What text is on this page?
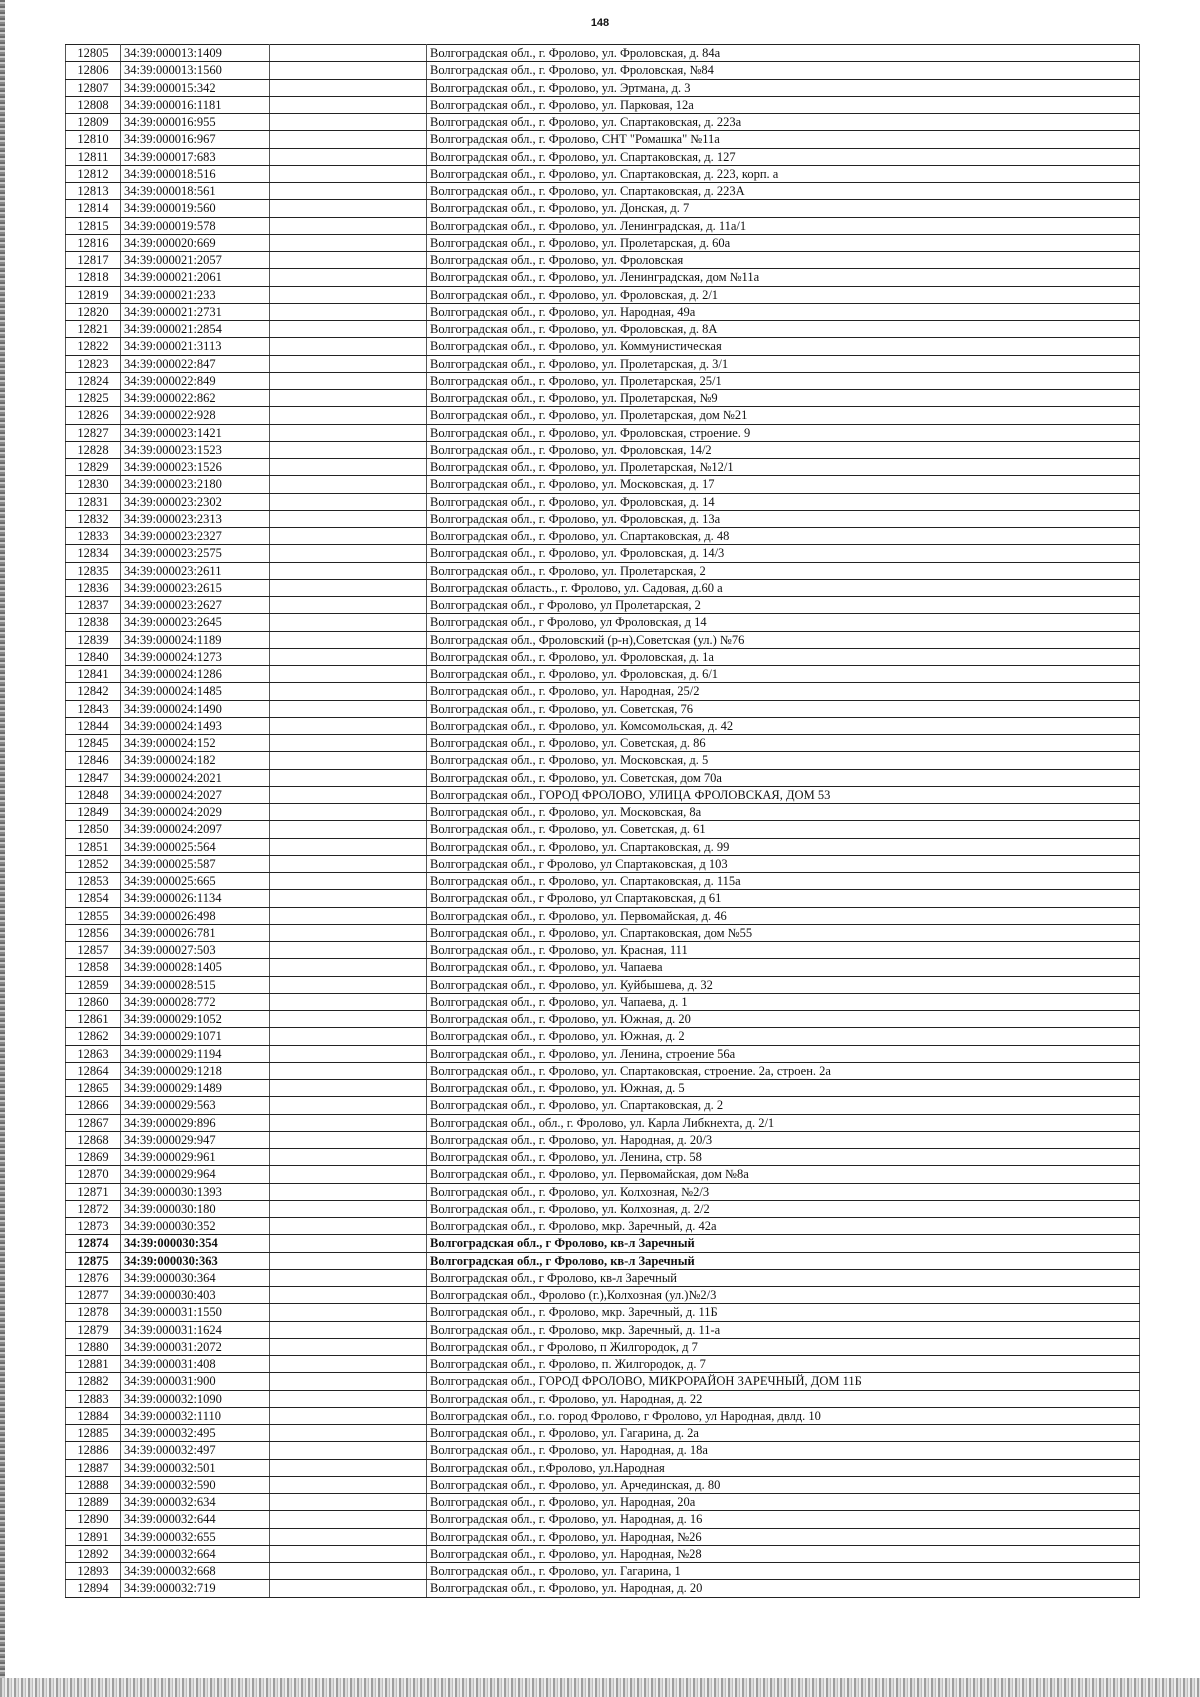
148
12805	34:39:000013:1409		Волгоградская обл., г. Фролово, ул. Фроловская, д. 84а
12806	34:39:000013:1560		Волгоградская обл., г. Фролово, ул. Фроловская, №84
12807	34:39:000015:342		Волгоградская обл., г. Фролово, ул. Эртмана, д. 3
12808	34:39:000016:1181		Волгоградская обл., г. Фролово, ул. Парковая, 12а
12809	34:39:000016:955		Волгоградская обл., г. Фролово, ул. Спартаковская, д. 223а
12810	34:39:000016:967		Волгоградская обл., г. Фролово, СНТ "Ромашка" №11а
12811	34:39:000017:683		Волгоградская обл., г. Фролово, ул. Спартаковская, д. 127
12812	34:39:000018:516		Волгоградская обл., г. Фролово, ул. Спартаковская, д. 223, корп. а
12813	34:39:000018:561		Волгоградская обл., г. Фролово, ул. Спартаковская, д. 223А
12814	34:39:000019:560		Волгоградская обл., г. Фролово, ул. Донская, д. 7
12815	34:39:000019:578		Волгоградская обл., г. Фролово, ул. Ленинградская, д. 11а/1
12816	34:39:000020:669		Волгоградская обл., г. Фролово, ул. Пролетарская, д. 60а
12817	34:39:000021:2057		Волгоградская обл., г. Фролово, ул. Фроловская
12818	34:39:000021:2061		Волгоградская обл., г. Фролово, ул. Ленинградская, дом №11а
12819	34:39:000021:233		Волгоградская обл., г. Фролово, ул. Фроловская, д. 2/1
12820	34:39:000021:2731		Волгоградская обл., г. Фролово, ул. Народная, 49а
12821	34:39:000021:2854		Волгоградская обл., г. Фролово, ул. Фроловская, д. 8А
12822	34:39:000021:3113		Волгоградская обл., г. Фролово, ул. Коммунистическая
12823	34:39:000022:847		Волгоградская обл., г. Фролово, ул. Пролетарская, д. 3/1
12824	34:39:000022:849		Волгоградская обл., г. Фролово, ул. Пролетарская, 25/1
12825	34:39:000022:862		Волгоградская обл., г. Фролово, ул. Пролетарская, №9
12826	34:39:000022:928		Волгоградская обл., г. Фролово, ул. Пролетарская, дом №21
12827	34:39:000023:1421		Волгоградская обл., г. Фролово, ул. Фроловская, строение. 9
12828	34:39:000023:1523		Волгоградская обл., г. Фролово, ул. Фроловская, 14/2
12829	34:39:000023:1526		Волгоградская обл., г. Фролово, ул. Пролетарская, №12/1
12830	34:39:000023:2180		Волгоградская обл., г. Фролово, ул. Московская, д. 17
12831	34:39:000023:2302		Волгоградская обл., г. Фролово, ул. Фроловская, д. 14
12832	34:39:000023:2313		Волгоградская обл., г. Фролово, ул. Фроловская, д. 13а
12833	34:39:000023:2327		Волгоградская обл., г. Фролово, ул. Спартаковская, д. 48
12834	34:39:000023:2575		Волгоградская обл., г. Фролово, ул. Фроловская, д. 14/3
12835	34:39:000023:2611		Волгоградская обл., г. Фролово, ул. Пролетарская, 2
12836	34:39:000023:2615		Волгоградская область., г. Фролово, ул. Садовая, д.60 а
12837	34:39:000023:2627		Волгоградская обл., г Фролово, ул Пролетарская, 2
12838	34:39:000023:2645		Волгоградская обл., г Фролово, ул Фроловская, д 14
12839	34:39:000024:1189		Волгоградская обл., Фроловский (р-н),Советская (ул.) №76
12840	34:39:000024:1273		Волгоградская обл., г. Фролово, ул. Фроловская, д. 1а
12841	34:39:000024:1286		Волгоградская обл., г. Фролово, ул. Фроловская, д. 6/1
12842	34:39:000024:1485		Волгоградская обл., г. Фролово, ул. Народная, 25/2
12843	34:39:000024:1490		Волгоградская обл., г. Фролово, ул. Советская, 76
12844	34:39:000024:1493		Волгоградская обл., г. Фролово, ул. Комсомольская, д. 42
12845	34:39:000024:152		Волгоградская обл., г. Фролово, ул. Советская, д. 86
12846	34:39:000024:182		Волгоградская обл., г. Фролово, ул. Московская, д. 5
12847	34:39:000024:2021		Волгоградская обл., г. Фролово, ул. Советская, дом 70а
12848	34:39:000024:2027		Волгоградская обл., ГОРОД ФРОЛОВО, УЛИЦА ФРОЛОВСКАЯ, ДОМ 53
12849	34:39:000024:2029		Волгоградская обл., г. Фролово, ул. Московская, 8а
12850	34:39:000024:2097		Волгоградская обл., г. Фролово, ул. Советская, д. 61
12851	34:39:000025:564		Волгоградская обл., г. Фролово, ул. Спартаковская, д. 99
12852	34:39:000025:587		Волгоградская обл., г Фролово, ул Спартаковская, д 103
12853	34:39:000025:665		Волгоградская обл., г. Фролово, ул. Спартаковская, д. 115а
12854	34:39:000026:1134		Волгоградская обл., г Фролово, ул Спартаковская, д 61
12855	34:39:000026:498		Волгоградская обл., г. Фролово, ул. Первомайская, д. 46
12856	34:39:000026:781		Волгоградская обл., г. Фролово, ул. Спартаковская, дом №55
12857	34:39:000027:503		Волгоградская обл., г. Фролово, ул. Красная, 111
12858	34:39:000028:1405		Волгоградская обл., г. Фролово, ул. Чапаева
12859	34:39:000028:515		Волгоградская обл., г. Фролово, ул. Куйбышева, д. 32
12860	34:39:000028:772		Волгоградская обл., г. Фролово, ул. Чапаева, д. 1
12861	34:39:000029:1052		Волгоградская обл., г. Фролово, ул. Южная, д. 20
12862	34:39:000029:1071		Волгоградская обл., г. Фролово, ул. Южная, д. 2
12863	34:39:000029:1194		Волгоградская обл., г. Фролово, ул. Ленина, строение 56а
12864	34:39:000029:1218		Волгоградская обл., г. Фролово, ул. Спартаковская, строение. 2а, строен. 2а
12865	34:39:000029:1489		Волгоградская обл., г. Фролово, ул. Южная, д. 5
12866	34:39:000029:563		Волгоградская обл., г. Фролово, ул. Спартаковская, д. 2
12867	34:39:000029:896		Волгоградская обл., обл., г. Фролово, ул. Карла Либкнехта, д. 2/1
12868	34:39:000029:947		Волгоградская обл., г. Фролово, ул. Народная, д. 20/3
12869	34:39:000029:961		Волгоградская обл., г. Фролово, ул. Ленина, стр. 58
12870	34:39:000029:964		Волгоградская обл., г. Фролово, ул. Первомайская, дом №8а
12871	34:39:000030:1393		Волгоградская обл., г. Фролово, ул. Колхозная, №2/3
12872	34:39:000030:180		Волгоградская обл., г. Фролово, ул. Колхозная, д. 2/2
12873	34:39:000030:352		Волгоградская обл., г. Фролово, мкр. Заречный, д. 42а
12874	34:39:000030:354		Волгоградская обл., г Фролово, кв-л Заречный
12875	34:39:000030:363		Волгоградская обл., г Фролово, кв-л Заречный
12876	34:39:000030:364		Волгоградская обл., г Фролово, кв-л Заречный
12877	34:39:000030:403		Волгоградская обл., Фролово (г.),Колхозная (ул.)№2/3
12878	34:39:000031:1550		Волгоградская обл., г. Фролово, мкр. Заречный, д. 11Б
12879	34:39:000031:1624		Волгоградская обл., г. Фролово, мкр. Заречный, д. 11-а
12880	34:39:000031:2072		Волгоградская обл., г Фролово, п Жилгородок, д 7
12881	34:39:000031:408		Волгоградская обл., г. Фролово, п. Жилгородок, д. 7
12882	34:39:000031:900		Волгоградская обл., ГОРОД ФРОЛОВО, МИКРОРАЙОН ЗАРЕЧНЫЙ, ДОМ 11Б
12883	34:39:000032:1090		Волгоградская обл., г. Фролово, ул. Народная, д. 22
12884	34:39:000032:1110		Волгоградская обл., г.о. город Фролово, г Фролово, ул Народная, двлд. 10
12885	34:39:000032:495		Волгоградская обл., г. Фролово, ул. Гагарина, д. 2а
12886	34:39:000032:497		Волгоградская обл., г. Фролово, ул. Народная, д. 18а
12887	34:39:000032:501		Волгоградская обл., г.Фролово, ул.Народная
12888	34:39:000032:590		Волгоградская обл., г. Фролово, ул. Арчединская, д. 80
12889	34:39:000032:634		Волгоградская обл., г. Фролово, ул. Народная, 20а
12890	34:39:000032:644		Волгоградская обл., г. Фролово, ул. Народная, д. 16
12891	34:39:000032:655		Волгоградская обл., г. Фролово, ул. Народная, №26
12892	34:39:000032:664		Волгоградская обл., г. Фролово, ул. Народная, №28
12893	34:39:000032:668		Волгоградская обл., г. Фролово, ул. Гагарина, 1
12894	34:39:000032:719		Волгоградская обл., г. Фролово, ул. Народная, д. 20
